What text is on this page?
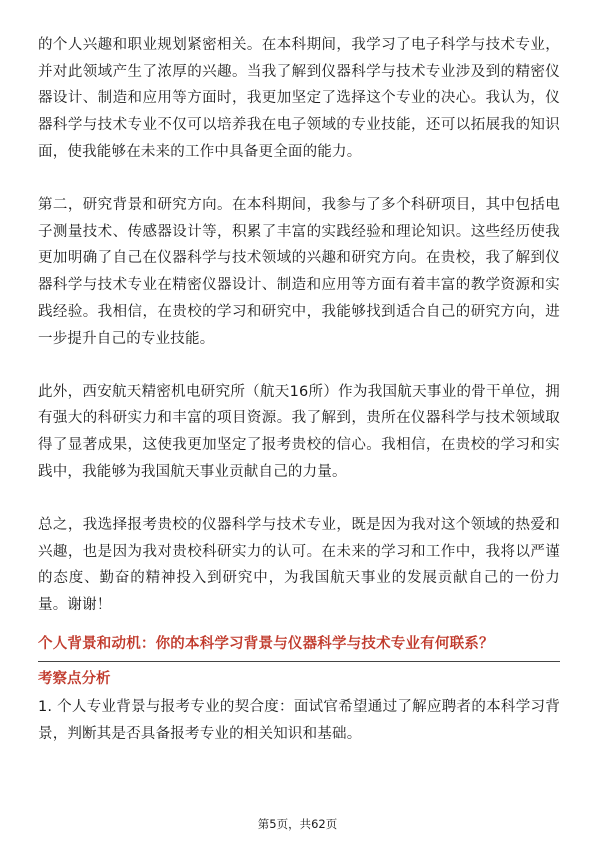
的个人兴趣和职业规划紧密相关。在本科期间，我学习了电子科学与技术专业，并对此领域产生了浓厚的兴趣。当我了解到仪器科学与技术专业涉及到的精密仪器设计、制造和应用等方面时，我更加坚定了选择这个专业的决心。我认为，仪器科学与技术专业不仅可以培养我在电子领域的专业技能，还可以拓展我的知识面，使我能够在未来的工作中具备更全面的能力。

第二，研究背景和研究方向。在本科期间，我参与了多个科研项目，其中包括电子测量技术、传感器设计等，积累了丰富的实践经验和理论知识。这些经历使我更加明确了自己在仪器科学与技术领域的兴趣和研究方向。在贵校，我了解到仪器科学与技术专业在精密仪器设计、制造和应用等方面有着丰富的教学资源和实践经验。我相信，在贵校的学习和研究中，我能够找到适合自己的研究方向，进一步提升自己的专业技能。

此外，西安航天精密机电研究所（航天16所）作为我国航天事业的骨干单位，拥有强大的科研实力和丰富的项目资源。我了解到，贵所在仪器科学与技术领域取得了显著成果，这使我更加坚定了报考贵校的信心。我相信，在贵校的学习和实践中，我能够为我国航天事业贡献自己的力量。

总之，我选择报考贵校的仪器科学与技术专业，既是因为我对这个领域的热爱和兴趣，也是因为我对贵校科研实力的认可。在未来的学习和工作中，我将以严谨的态度、勤奋的精神投入到研究中，为我国航天事业的发展贡献自己的一份力量。谢谢！

个人背景和动机：你的本科学习背景与仪器科学与技术专业有何联系？
考察点分析

1. 个人专业背景与报考专业的契合度：面试官希望通过了解应聘者的本科学习背景，判断其是否具备报考专业的相关知识和基础。

第5页，共62页
